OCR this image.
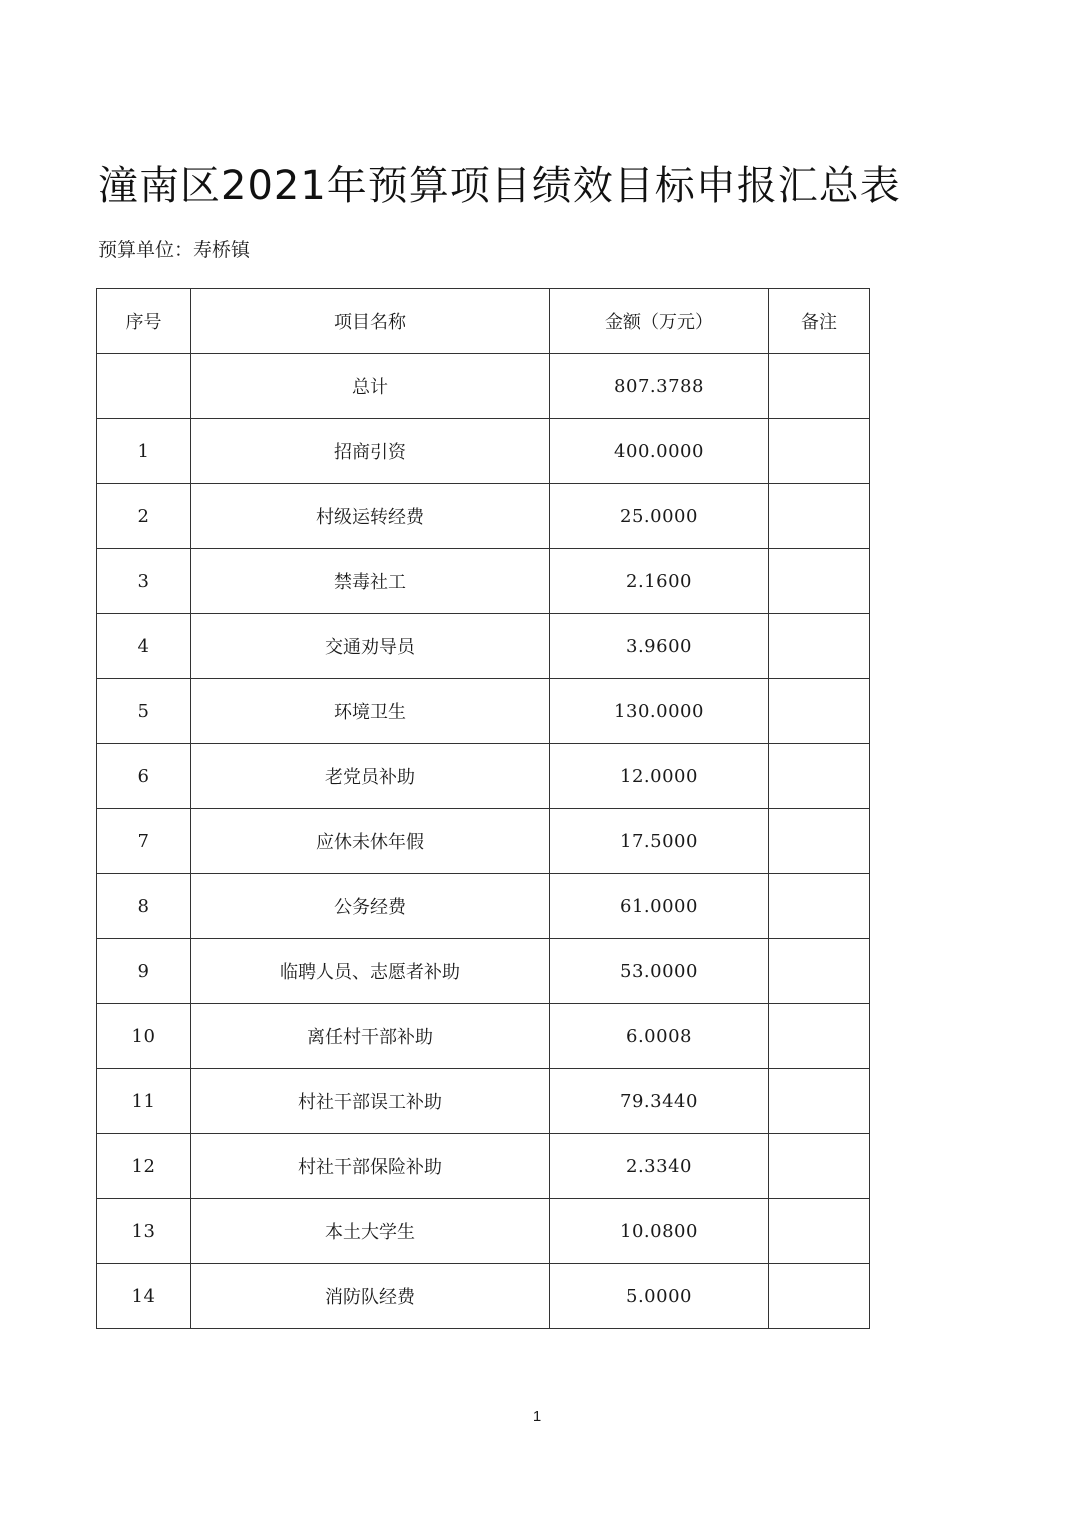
潼南区2021年预算项目绩效目标申报汇总表
预算单位：寿桥镇
序号	项目名称	金额（万元）	备注
	总计	807.3788	
1	招商引资	400.0000	
2	村级运转经费	25.0000	
3	禁毒社工	2.1600	
4	交通劝导员	3.9600	
5	环境卫生	130.0000	
6	老党员补助	12.0000	
7	应休未休年假	17.5000	
8	公务经费	61.0000	
9	临聘人员、志愿者补助	53.0000	
10	离任村干部补助	6.0008	
11	村社干部误工补助	79.3440	
12	村社干部保险补助	2.3340	
13	本土大学生	10.0800	
14	消防队经费	5.0000	
1
